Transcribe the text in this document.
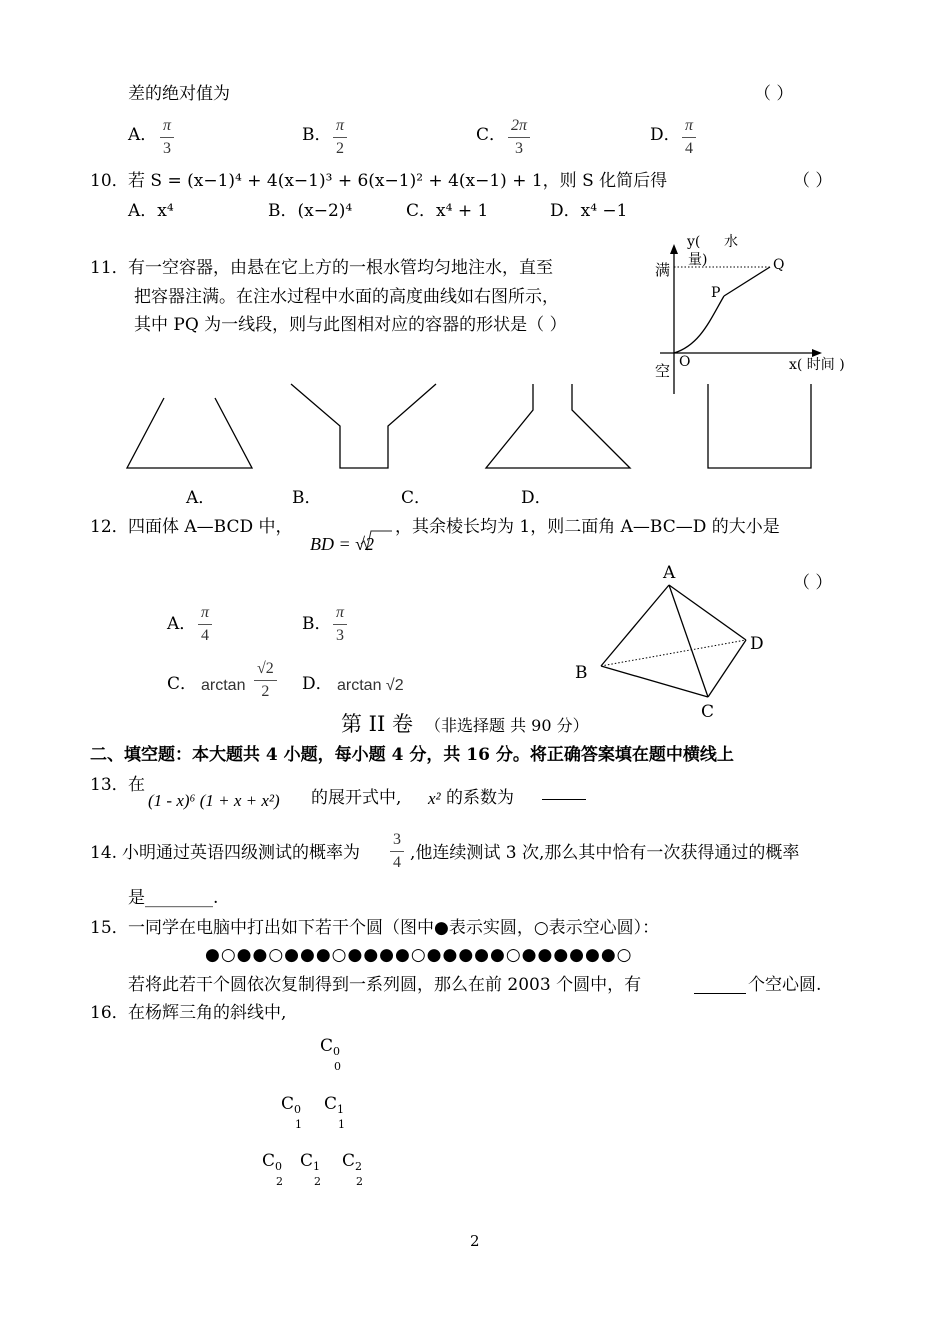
差的绝对值为	（ ）
A． $\frac{\pi}{3}$	B． $\frac{\pi}{2}$	C． $\frac{2\pi}{3}$	D． $\frac{\pi}{4}$
10． 若 S = (x−1)⁴ + 4(x−1)³ + 6(x−1)² + 4(x−1) + 1，则 S 化简后得	（ ）
A．x⁴	B．(x−2)⁴	C．x⁴ + 1	D．x⁴ −1
11． 有一空容器，由悬在它上方的一根水管均匀地注水，直至
把容器注满。在注水过程中水面的高度曲线如右图所示，
其中 PQ 为一线段，则与此图相对应的容器的形状是（ ）
y( 水
量)
满
空 O	x( 时间 )
P
Q
A．	B．	C．	D．
12． 四面体 A—BCD 中，
BD = √2
，其余棱长均为 1，则二面角 A—BC—D 的大小是
（ ）
A． $\frac{\pi}{4}$	B． $\frac{\pi}{3}$
C． $\arctan \frac{√2}{2}$ D． arctan √2
A
B
C
D
第 II 卷 （非选择题 共 90 分）
二、填空题：本大题共 4 小题，每小题 4 分，共 16 分。将正确答案填在题中横线上
13． 在
(1 - x)⁶ (1 + x + x²) 的展开式中, x² 的系数为
14. 小明通过英语四级测试的概率为 $\frac{3}{4}$ ,他连续测试 3 次,那么其中恰有一次获得通过的概率
是________.
15． 一同学在电脑中打出如下若干个圆（图中●表示实圆，○表示空心圆）：
●○●●○●●●○●●●●○●●●●●○●●●●●●○
若将此若干个圆依次复制得到一系列圆，那么在前 2003 个圆中，有	个空心圆.
16． 在杨辉三角的斜线中,
$C_0$
0
$C_0$
1
$C_1$
1
$C_0$
2
$C_1$
2
$C_2$
2
2
